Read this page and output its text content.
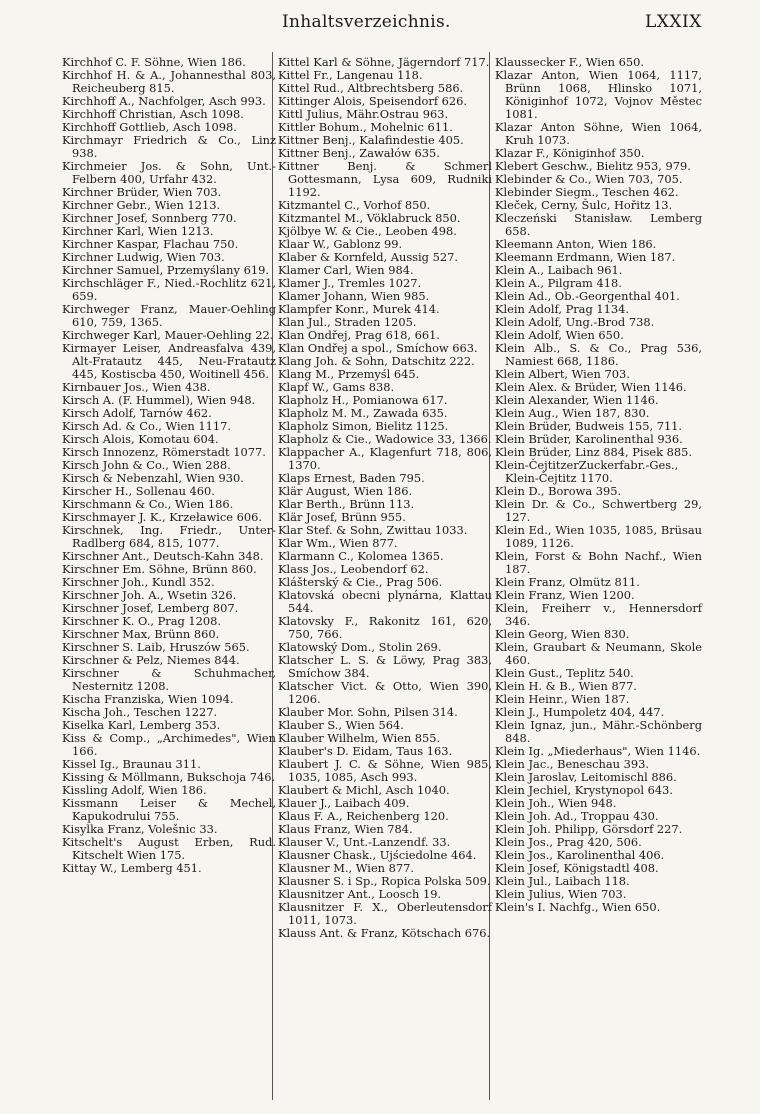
Inhaltsverzeichnis.	LXXIX
Kirchhof C. F. Söhne, Wien 186.
Kirchhof H. & A., Johannesthal 803, Reicheuberg 815.
Kirchhoff A., Nachfolger, Asch 993.
Kirchhoff Christian, Asch 1098.
Kirchhoff Gottlieb, Asch 1098.
Kirchmayr Friedrich & Co., Linz 938.
Kirchmeier Jos. & Sohn, Unt.-Felbern 400, Urfahr 432.
Kirchner Brüder, Wien 703.
Kirchner Gebr., Wien 1213.
Kirchner Josef, Sonnberg 770.
Kirchner Karl, Wien 1213.
Kirchner Kaspar, Flachau 750.
Kirchner Ludwig, Wien 703.
Kirchner Samuel, Przemyślany 619.
Kirchschläger F., Nied.-Rochlitz 621, 659.
Kirchweger Franz, Mauer-Oehling 610, 759, 1365.
Kirchweger Karl, Mauer-Oehling 22.
Kirmayer Leiser, Andreasfalva 439, Alt-Fratautz 445, Neu-Fratautz 445, Kostiscba 450, Woitinell 456.
Kirnbauer Jos., Wien 438.
Kirsch A. (F. Hummel), Wien 948.
Kirsch Adolf, Tarnów 462.
Kirsch Ad. & Co., Wien 1117.
Kirsch Alois, Komotau 604.
Kirsch Innozenz, Römerstadt 1077.
Kirsch John & Co., Wien 288.
Kirsch & Nebenzahl, Wien 930.
Kirscher H., Sollenau 460.
Kirschmann & Co., Wien 186.
Kirschmayer J. K., Krzeławice 606.
Kirschnek, Ing. Friedr., Unter-Radlberg 684, 815, 1077.
Kirschner Ant., Deutsch-Kahn 348.
Kirschner Em. Söhne, Brünn 860.
Kirschner Joh., Kundl 352.
Kirschner Joh. A., Wsetin 326.
Kirschner Josef, Lemberg 807.
Kirschner K. O., Prag 1208.
Kirschner Max, Brünn 860.
Kirschner S. Laib, Hruszów 565.
Kirschner & Pelz, Niemes 844.
Kirschner & Schuhmacher, Nesternitz 1208.
Kischa Franziska, Wien 1094.
Kischa Joh., Teschen 1227.
Kiselka Karl, Lemberg 353.
Kiss & Comp., „Archimedes", Wien 166.
Kissel Ig., Braunau 311.
Kissing & Möllmann, Bukschoja 746.
Kissling Adolf, Wien 186.
Kissmann Leiser & Mechel, Kapukodrului 755.
Kisylka Franz, Volešnic 33.
Kitschelt's August Erben, Rud. Kitschelt Wien 175.
Kittay W., Lemberg 451.
Kittel Karl & Söhne, Jägerndorf 717.
Kittel Fr., Langenau 118.
Kittel Rud., Altbrechtsberg 586.
Kittinger Alois, Speisendorf 626.
Kittl Julius, Mähr.Ostrau 963.
Kittler Bohum., Mohelnic 611.
Kittner Benj., Kalafindestie 405.
Kittner Benj., Zawałów 635.
Kittner Benj. & Schmerl Gottesmann, Lysa 609, Rudniki 1192.
Kitzmantel C., Vorhof 850.
Kitzmantel M., Vöklabruck 850.
Kjölbye W. & Cie., Leoben 498.
Klaar W., Gablonz 99.
Klaber & Kornfeld, Aussig 527.
Klamer Carl, Wien 984.
Klamer J., Tremles 1027.
Klamer Johann, Wien 985.
Klampfer Konr., Murek 414.
Klan Jul., Straden 1205.
Klan Ondřej, Prag 618, 661.
Klan Ondřej a spol., Smíchow 663.
Klang Joh. & Sohn, Datschitz 222.
Klang M., Przemyśl 645.
Klapf W., Gams 838.
Klapholz H., Pomianowa 617.
Klapholz M. M., Zawada 635.
Klapholz Simon, Bielitz 1125.
Klapholz & Cie., Wadowice 33, 1366.
Klappacher A., Klagenfurt 718, 806, 1370.
Klaps Ernest, Baden 795.
Klär August, Wien 186.
Klar Berth., Brünn 113.
Klär Josef, Brünn 955.
Klar Stef. & Sohn, Zwittau 1033.
Klar Wm., Wien 877.
Klarmann C., Kolomea 1365.
Klass Jos., Leobendorf 62.
Klášterský & Cie., Prag 506.
Klatovská obecni plynárna, Klattau 544.
Klatovsky F., Rakonitz 161, 620, 750, 766.
Klatowský Dom., Stolin 269.
Klatscher L. S. & Löwy, Prag 383, Smíchow 384.
Klatscher Vict. & Otto, Wien 390, 1206.
Klauber Mor. Sohn, Pilsen 314.
Klauber S., Wien 564.
Klauber Wilhelm, Wien 855.
Klauber's D. Eidam, Taus 163.
Klaubert J. C. & Söhne, Wien 985, 1035, 1085, Asch 993.
Klaubert & Michl, Asch 1040.
Klauer J., Laibach 409.
Klaus F. A., Reichenberg 120.
Klaus Franz, Wien 784.
Klauser V., Unt.-Lanzendf. 33.
Klausner Chask., Ujściedolne 464.
Klausner M., Wien 877.
Klausner S. i Sp., Ropica Polska 509.
Klausnitzer Ant., Loosch 19.
Klausnitzer F. X., Oberleutensdorf 1011, 1073.
Klauss Ant. & Franz, Kötschach 676.
Klaussecker F., Wien 650.
Klazar Anton, Wien 1064, 1117, Brünn 1068, Hlinsko 1071, Königinhof 1072, Vojnov Městec 1081.
Klazar Anton Söhne, Wien 1064, Kruh 1073.
Klazar F., Königinhof 350.
Klebert Geschw., Bielitz 953, 979.
Klebinder & Co., Wien 703, 705.
Klebinder Siegm., Teschen 462.
Kleček, Cerny, Šulc, Hořitz 13.
Kleczeński Stanisław. Lemberg 658.
Kleemann Anton, Wien 186.
Kleemann Erdmann, Wien 187.
Klein A., Laibach 961.
Klein A., Pilgram 418.
Klein Ad., Ob.-Georgenthal 401.
Klein Adolf, Prag 1134.
Klein Adolf, Ung.-Brod 738.
Klein Adolf, Wien 650.
Klein Alb., S. & Co., Prag 536, Namiest 668, 1186.
Klein Albert, Wien 703.
Klein Alex. & Brüder, Wien 1146.
Klein Alexander, Wien 1146.
Klein Aug., Wien 187, 830.
Klein Brüder, Budweis 155, 711.
Klein Brüder, Karolinenthal 936.
Klein Brüder, Linz 884, Pisek 885.
Klein-ČejtitzerZuckerfabr.-Ges., Klein-Čejtitz 1170.
Klein D., Borowa 395.
Klein Dr. & Co., Schwertberg 29, 127.
Klein Ed., Wien 1035, 1085, Brüsau 1089, 1126.
Klein, Forst & Bohn Nachf., Wien 187.
Klein Franz, Olmütz 811.
Klein Franz, Wien 1200.
Klein, Freiherr v., Hennersdorf 346.
Klein Georg, Wien 830.
Klein, Graubart & Neumann, Skole 460.
Klein Gust., Teplitz 540.
Klein H. & B., Wien 877.
Klein Heinr., Wien 187.
Klein J., Humpoletz 404, 447.
Klein Ignaz, jun., Mähr.-Schönberg 848.
Klein Ig. „Miederhaus", Wien 1146.
Klein Jac., Beneschau 393.
Klein Jaroslav, Leitomischl 886.
Klein Jechiel, Krystynopol 643.
Klein Joh., Wien 948.
Klein Joh. Ad., Troppau 430.
Klein Joh. Philipp, Görsdorf 227.
Klein Jos., Prag 420, 506.
Klein Jos., Karolinenthal 406.
Klein Josef, Königstadtl 408.
Klein Jul., Laibach 118.
Klein Julius, Wien 703.
Klein's I. Nachfg., Wien 650.
